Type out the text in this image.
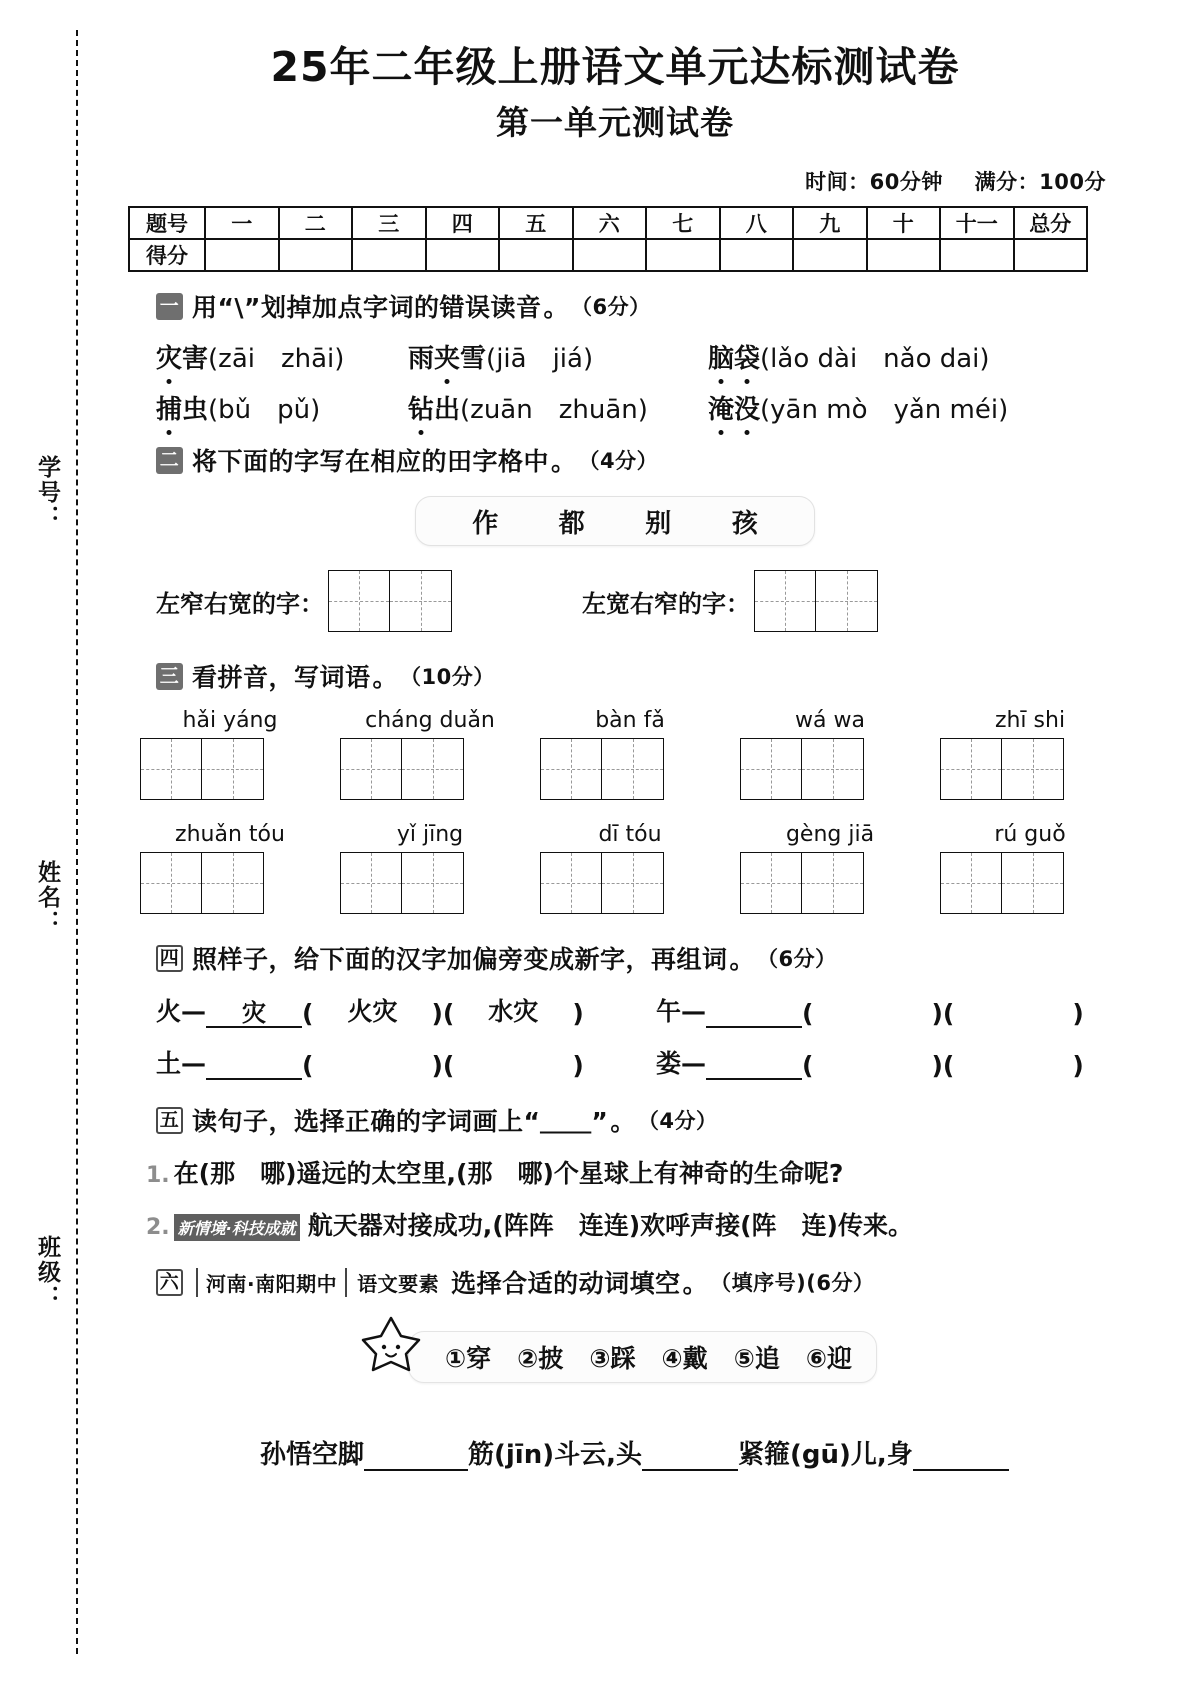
学号：
姓名：
班级：
25年二年级上册语文单元达标测试卷
第一单元测试卷
时间：60分钟 满分：100分
题号	一	二	三	四	五	六	七	八	九	十	十一	总分
得分												
一 用“\”划掉加点字词的错误读音 。 （6分）
灾害(zāi　zhāi)	雨夹雪(jiā　jiá)	脑袋(lǎo dài　nǎo dai)
捕虫(bǔ　pǔ)	钻出(zuān　zhuān)	淹没(yān mò　yǎn méi)
二 将下面的字写在相应的田字格中 。 （4分）
作 都 别 孩
左窄右宽的字：	左宽右窄的字：
三 看拼音，写词语 。 （10分）
hǎi yáng	cháng duǎn	bàn fǎ	wá wa	zhī shi
zhuǎn tóu	yǐ jīng	dī tóu	gèng jiā	rú guǒ
四 照样子，给下面的汉字加偏旁变成新字，再组词 。 （6分）
火—	灾	(	火灾	)(	水灾	)	午—	(	)(	)
土—	(	)(	)	娄—	(	)(	)
五 读句子，选择正确的字词画上“＿＿” 。 （4分）
1. 在(那　哪)遥远的太空里,(那　哪)个星球上有神奇的生命呢?
2. 新情境·科技成就 航天器对接成功,(阵阵　连连)欢呼声接(阵　连)传来。
六	河南·南阳期中	语文要素 选择合适的动词填空 。 （填序号)(6分）
①穿 ②披 ③踩 ④戴 ⑤追 ⑥迎
孙悟空脚	筋(jīn)斗云,头	紧箍(gū)儿,身
